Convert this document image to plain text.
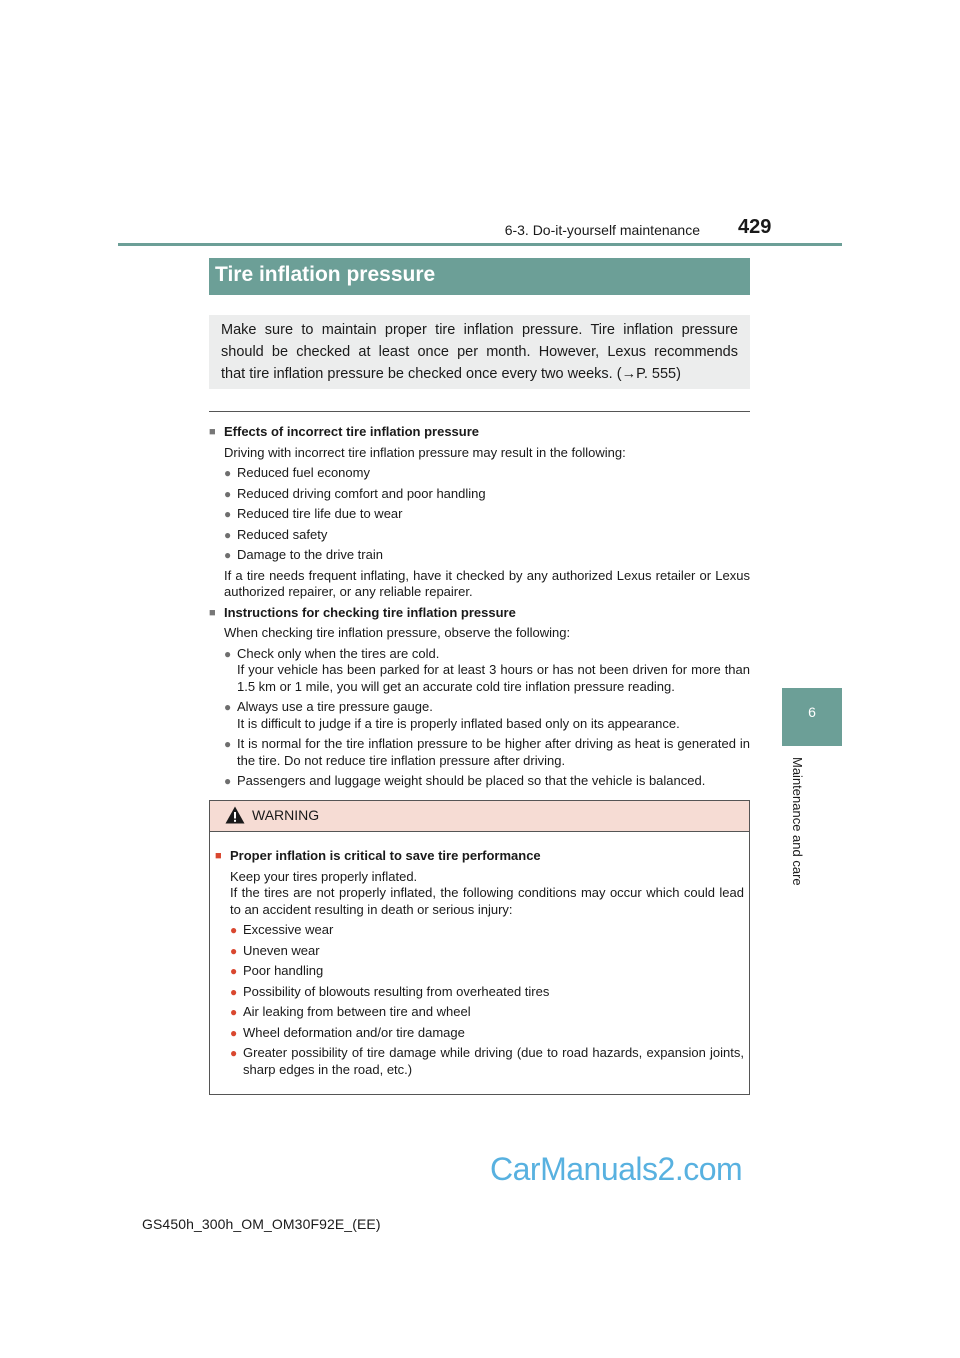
6-3. Do-it-yourself maintenance 429
6
Maintenance and care
Tire inflation pressure
Make sure to maintain proper tire inflation pressure. Tire inflation pressure
should be checked at least once per month. However, Lexus recommends
that tire inflation pressure be checked once every two weeks. (→P. 555)
■ Effects of incorrect tire inflation pressure
Driving with incorrect tire inflation pressure may result in the following:
● Reduced fuel economy
● Reduced driving comfort and poor handling
● Reduced tire life due to wear
● Reduced safety
● Damage to the drive train
If a tire needs frequent inflating, have it checked by any authorized Lexus retailer or Lexus authorized repairer, or any reliable repairer.
■ Instructions for checking tire inflation pressure
When checking tire inflation pressure, observe the following:
● Check only when the tires are cold.
If your vehicle has been parked for at least 3 hours or has not been driven for more than 1.5 km or 1 mile, you will get an accurate cold tire inflation pressure reading.
● Always use a tire pressure gauge.
It is difficult to judge if a tire is properly inflated based only on its appearance.
● It is normal for the tire inflation pressure to be higher after driving as heat is generated in the tire. Do not reduce tire inflation pressure after driving.
● Passengers and luggage weight should be placed so that the vehicle is balanced.
WARNING
■ Proper inflation is critical to save tire performance
Keep your tires properly inflated.
If the tires are not properly inflated, the following conditions may occur which could lead to an accident resulting in death or serious injury:
● Excessive wear
● Uneven wear
● Poor handling
● Possibility of blowouts resulting from overheated tires
● Air leaking from between tire and wheel
● Wheel deformation and/or tire damage
● Greater possibility of tire damage while driving (due to road hazards, expansion joints, sharp edges in the road, etc.)
CarManuals2.com
GS450h_300h_OM_OM30F92E_(EE)
